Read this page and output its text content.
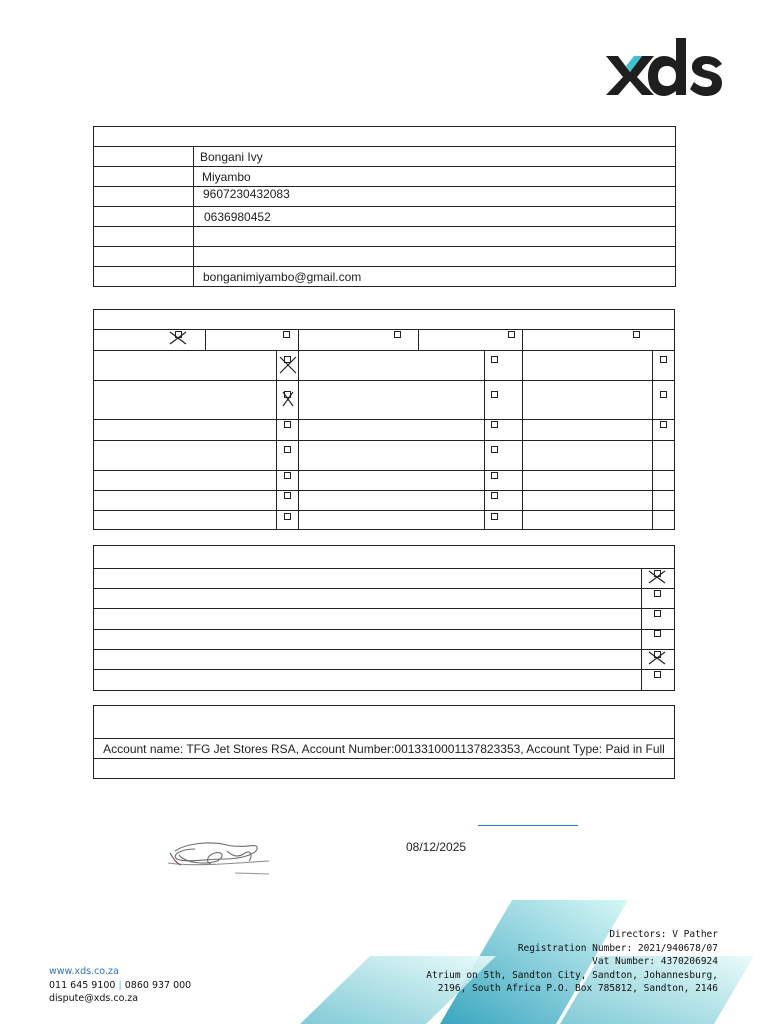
	Bongani Ivy
	Miyambo
	9607230432083
	0636980452

	bonganimiyambo@gmail.com

Account name: TFG Jet Stores RSA, Account Number:0013310001137823353, Account Type: Paid in Full

08/12/2025
www.xds.co.za
011 645 9100 | 0860 937 000
dispute@xds.co.za
Directors: V Pather
Registration Number: 2021/940678/07
Vat Number: 4370206924
Atrium on 5th, Sandton City, Sandton, Johannesburg,
2196, South Africa P.O. Box 785812, Sandton, 2146
